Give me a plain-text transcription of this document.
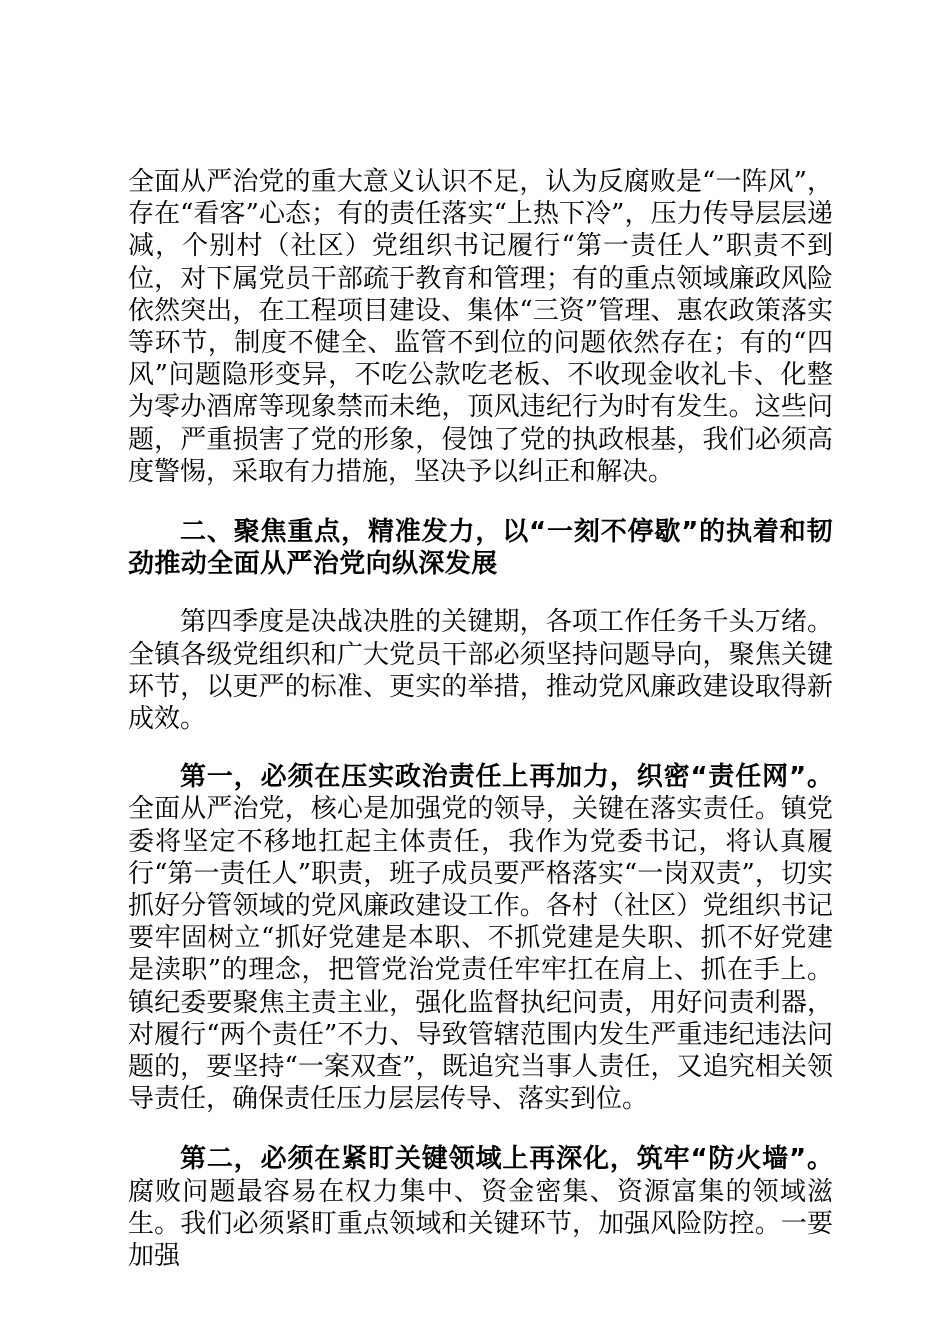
全面从严治党的重大意义认识不足，认为反腐败是“一阵风”，存在“看客”心态；有的责任落实“上热下冷”，压力传导层层递减，个别村（社区）党组织书记履行“第一责任人”职责不到位，对下属党员干部疏于教育和管理；有的重点领域廉政风险依然突出，在工程项目建设、集体“三资”管理、惠农政策落实等环节，制度不健全、监管不到位的问题依然存在；有的“四风”问题隐形变异，不吃公款吃老板、不收现金收礼卡、化整为零办酒席等现象禁而未绝，顶风违纪行为时有发生。这些问题，严重损害了党的形象，侵蚀了党的执政根基，我们必须高度警惕，采取有力措施，坚决予以纠正和解决。

二、聚焦重点，精准发力，以“一刻不停歇”的执着和韧劲推动全面从严治党向纵深发展

第四季度是决战决胜的关键期，各项工作任务千头万绪。全镇各级党组织和广大党员干部必须坚持问题导向，聚焦关键环节，以更严的标准、更实的举措，推动党风廉政建设取得新成效。

第一，必须在压实政治责任上再加力，织密“责任网”。全面从严治党，核心是加强党的领导，关键在落实责任。镇党委将坚定不移地扛起主体责任，我作为党委书记，将认真履行“第一责任人”职责，班子成员要严格落实“一岗双责”，切实抓好分管领域的党风廉政建设工作。各村（社区）党组织书记要牢固树立“抓好党建是本职、不抓党建是失职、抓不好党建是渎职”的理念，把管党治党责任牢牢扛在肩上、抓在手上。镇纪委要聚焦主责主业，强化监督执纪问责，用好问责利器，对履行“两个责任”不力、导致管辖范围内发生严重违纪违法问题的，要坚持“一案双查”，既追究当事人责任，又追究相关领导责任，确保责任压力层层传导、落实到位。

第二，必须在紧盯关键领域上再深化，筑牢“防火墙”。腐败问题最容易在权力集中、资金密集、资源富集的领域滋生。我们必须紧盯重点领域和关键环节，加强风险防控。一要加强
